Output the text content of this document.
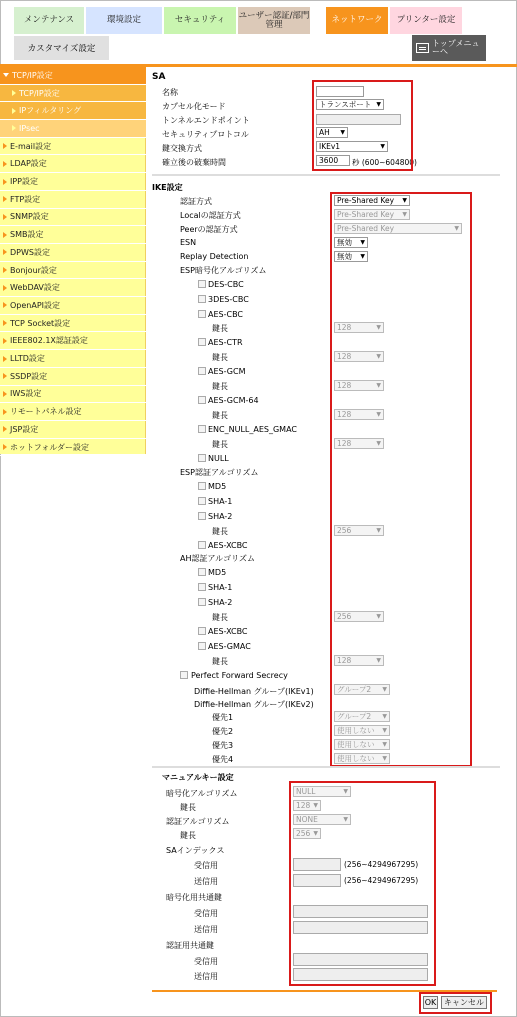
メンテナンス	環境設定	セキュリティ	ユーザー認証/部門管理	ネットワーク	プリンター設定
カスタマイズ設定
トップメニューへ
TCP/IP設定
TCP/IP設定
IPフィルタリング
IPsec
E-mail設定
LDAP設定
IPP設定
FTP設定
SNMP設定
SMB設定
DPWS設定
Bonjour設定
WebDAV設定
OpenAPI設定
TCP Socket設定
IEEE802.1X認証設定
LLTD設定
SSDP設定
IWS設定
リモートパネル設定
JSP設定
ホットフォルダー設定
SA
名称
カプセル化モード	トランスポート ▼
トンネルエンドポイント
セキュリティプロトコル	AH ▼
鍵交換方式	IKEv1 ▼
確立後の破棄時間	3600	秒 (600~604800)
IKE設定
認証方式	Pre-Shared Key ▼
Localの認証方式	Pre-Shared Key ▼
Peerの認証方式	Pre-Shared Key ▼
ESN	無効 ▼
Replay Detection	無効 ▼
ESP暗号化アルゴリズム
DES-CBC
3DES-CBC
AES-CBC
鍵長	128 ▼
AES-CTR
鍵長	128 ▼
AES-GCM
鍵長	128 ▼
AES-GCM-64
鍵長	128 ▼
ENC_NULL_AES_GMAC
鍵長	128 ▼
NULL
ESP認証アルゴリズム
MD5
SHA-1
SHA-2
鍵長	256 ▼
AES-XCBC
AH認証アルゴリズム
MD5
SHA-1
SHA-2
鍵長	256 ▼
AES-XCBC
AES-GMAC
鍵長	128 ▼
Perfect Forward Secrecy
Diffie-Hellman グループ(IKEv1)	グループ2 ▼
Diffie-Hellman グループ(IKEv2)
優先1	グループ2 ▼
優先2	使用しない ▼
優先3	使用しない ▼
優先4	使用しない ▼
マニュアルキー設定
暗号化アルゴリズム	NULL ▼
鍵長	128 ▼
認証アルゴリズム	NONE ▼
鍵長	256 ▼
SAインデックス
受信用	(256~4294967295)
送信用	(256~4294967295)
暗号化用共通鍵
受信用
送信用
認証用共通鍵
受信用
送信用
OK キャンセル
